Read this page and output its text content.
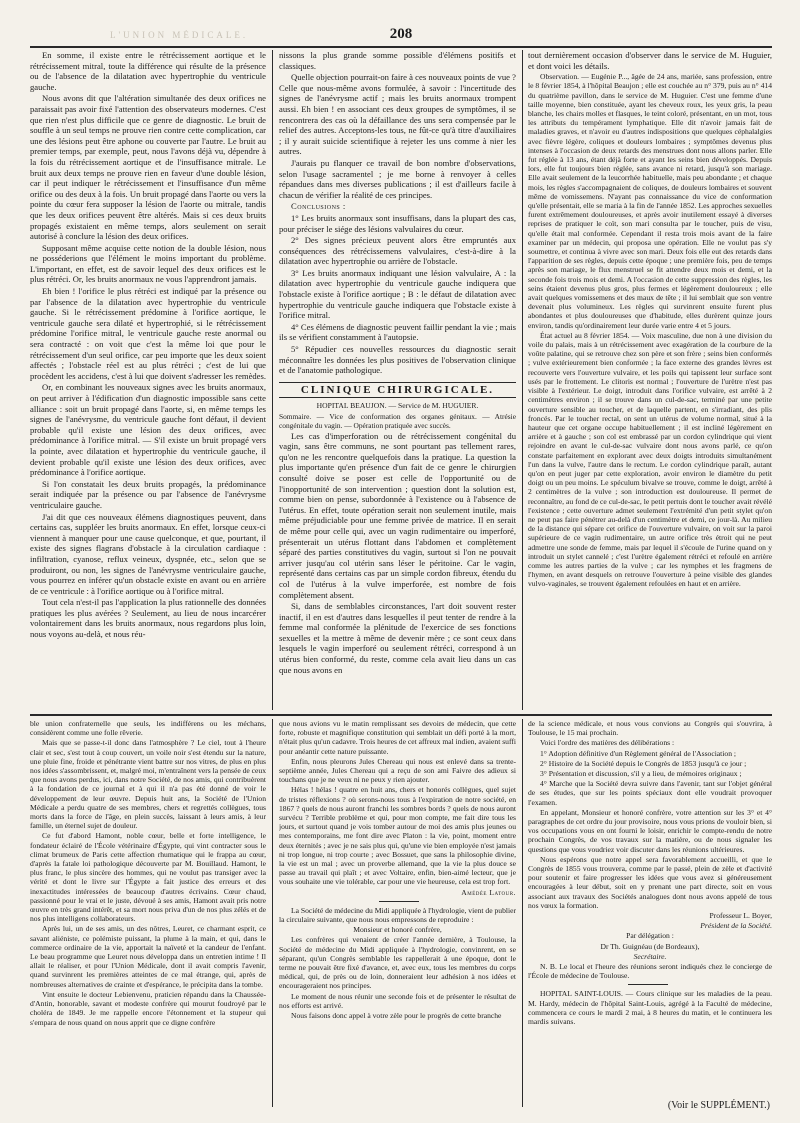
L'UNION MÉDICALE.	208

En somme, il existe entre le rétrécissement aortique et le rétrécissement mitral, toute la différence qui résulte de la présence ou de l'absence de la dilatation avec hypertrophie du ventricule gauche.

Nous avons dit que l'altération simultanée des deux orifices ne paraissait pas avoir fixé l'attention des observateurs modernes. C'est que rien n'est plus difficile que ce genre de diagnostic. Le bruit de souffle à un seul temps ne prouve rien contre cette complication, car une des lésions peut être aphone ou couverte par l'autre. Le bruit au premier temps, par exemple, peut, nous l'avons déjà vu, dépendre à la fois du rétrécissement aortique et de l'insuffisance mitrale. Le bruit aux deux temps ne prouve rien en faveur d'une double lésion, car il peut indiquer le rétrécissement et l'insuffisance d'un même orifice ou des deux à la fois. Un bruit propagé dans l'aorte ou vers la pointe du cœur fera supposer la lésion de l'aorte ou mitrale, tandis que les deux orifices peuvent être altérés. Mais si ces deux bruits propagés existaient en même temps, alors seulement on serait autorisé à conclure la lésion des deux orifices.

Supposant même acquise cette notion de la double lésion, nous ne posséderions que l'élément le moins important du problème. L'important, en effet, est de savoir lequel des deux orifices est le plus rétréci. Or, les bruits anormaux ne vous l'apprendront jamais.

Eh bien ! l'orifice le plus rétréci est indiqué par la présence ou par l'absence de la dilatation avec hypertrophie du ventricule gauche. Si le rétrécissement prédomine à l'orifice aortique, le ventricule gauche sera dilaté et hypertrophié, si le rétrécissement prédomine l'orifice mitral, le ventricule gauche reste anormal ou sera contracté : on voit que c'est la même loi que pour le rétrécissement d'un seul orifice, car peu importe que les deux soient affectés ; l'obstacle réel est au plus rétréci ; c'est de lui que procèdent les accidens, c'est à lui que doivent s'adresser les remèdes.

Or, en combinant les nouveaux signes avec les bruits anormaux, on peut arriver à l'édification d'un diagnostic impossible sans cette alliance : soit un bruit propagé dans l'aorte, si, en même temps les signes de l'anévrysme, du ventricule gauche font défaut, il devient probable qu'il existe une lésion des deux orifices, avec prédominance à l'orifice mitral. — S'il existe un bruit propagé vers la pointe, avec dilatation et hypertrophie du ventricule gauche, il devient probable qu'il existe une lésion des deux orifices, avec prédominance à l'orifice aortique.

Si l'on constatait les deux bruits propagés, la prédominance serait indiquée par la présence ou par l'absence de l'anévrysme ventriculaire gauche.

J'ai dit que ces nouveaux élémens diagnostiques peuvent, dans certains cas, suppléer les bruits anormaux. En effet, lorsque ceux-ci viennent à manquer pour une cause quelconque, et que, pourtant, il existe des signes flagrans d'obstacle à la circulation cardiaque : infiltration, cyanose, reflux veineux, dyspnée, etc., selon que se produiront, ou non, les signes de l'anévrysme ventriculaire gauche, vous pourrez en inférer qu'un obstacle existe en avant ou en arrière de ce ventricule : à l'orifice aortique ou à l'orifice mitral.

Tout cela n'est-il pas l'application la plus rationnelle des données pratiques les plus avérées ? Seulement, au lieu de nous incarcérer volontairement dans les bruits anormaux, nous regardons plus loin, nous voyons au-delà, et nous réu-

nissons la plus grande somme possible d'élémens positifs et classiques.

Quelle objection pourrait-on faire à ces nouveaux points de vue ? Celle que nous-même avons formulée, à savoir : l'incertitude des signes de l'anévrysme actif ; mais les bruits anormaux trompent aussi. Eh bien ! en associant ces deux groupes de symptômes, il se rencontrera des cas où la défaillance des uns sera compensée par le relief des autres. Acceptons-les tous, ne fût-ce qu'à titre d'auxiliaires ; il y aurait suicide scientifique à rejeter les uns comme à nier les autres.

J'aurais pu flanquer ce travail de bon nombre d'observations, selon l'usage sacramentel ; je me borne à renvoyer à celles répandues dans mes diverses publications ; il est d'ailleurs facile à chacun de vérifier la réalité de ces principes.

Conclusions :

1° Les bruits anormaux sont insuffisans, dans la plupart des cas, pour préciser le siége des lésions valvulaires du cœur.

2° Des signes précieux peuvent alors être empruntés aux conséquences des rétrécissemens valvulaires, c'est-à-dire à la dilatation avec hypertrophie ou arrière de l'obstacle.

3° Les bruits anormaux indiquant une lésion valvulaire, A : la dilatation avec hypertrophie du ventricule gauche indiquera que l'obstacle existe à l'orifice aortique ; B : le défaut de dilatation avec hypertrophie du ventricule gauche indiquera que l'obstacle existe à l'orifice mitral.

4° Ces élémens de diagnostic peuvent faillir pendant la vie ; mais ils se vérifient constamment à l'autopsie.

5° Répudier ces nouvelles ressources du diagnostic serait méconnaître les données les plus positives de l'observation clinique et de l'anatomie pathologique.

CLINIQUE CHIRURGICALE.

HOPITAL BEAUJON. — Service de M. HUGUIER.

Sommaire. — Vice de conformation des organes génitaux. — Atrésie congénitale du vagin. — Opération pratiquée avec succès.

Les cas d'imperforation ou de rétrécissement congénital du vagin, sans être communs, ne sont pourtant pas tellement rares, qu'on ne les rencontre quelquefois dans la pratique. La question la plus importante qu'en présence d'un fait de ce genre le chirurgien consulté doive se poser est celle de l'opportunité ou de l'inopportunité de son intervention ; question dont la solution est, comme bien on pense, subordonnée à l'existence ou à l'absence de l'utérus. En effet, toute opération serait non seulement inutile, mais même préjudiciable pour une femme privée de matrice. Il en serait de même pour celle qui, avec un vagin rudimentaire ou imperforé, présenterait un utérus flottant dans l'abdomen et complètement séparé des parties constitutives du vagin, surtout si l'on ne pouvait arriver jusqu'au col utérin sans léser le péritoine. Car le vagin, représenté dans certains cas par un simple cordon fibreux, étendu du col de l'utérus à la vulve imperforée, est nombre de fois complètement absent.

Si, dans de semblables circonstances, l'art doit souvent rester inactif, il en est d'autres dans lesquelles il peut tenter de rendre à la femme mal conformée la plénitude de l'exercice de ses fonctions sexuelles et la mettre à même de devenir mère ; ce sont ceux dans lesquels le vagin imperforé ou seulement rétréci, correspond à un utérus bien conformé, du reste, comme cela avait lieu dans un cas que nous avons en

tout dernièrement occasion d'observer dans le service de M. Huguier, et dont voici les détails.

Observation. — Eugénie P..., âgée de 24 ans, mariée, sans profession, entre le 8 février 1854, à l'hôpital Beaujon ; elle est couchée au n° 379, puis au n° 414 du quatrième pavillon, dans le service de M. Huguier. C'est une femme d'une taille moyenne, bien constituée, ayant les cheveux roux, les yeux gris, la peau blanche, les chairs molles et flasques, le teint coloré, présentant, en un mot, tous les attributs du tempérament lymphatique. Elle dit n'avoir jamais fait de maladies graves, et n'avoir eu d'autres indispositions que quelques céphalalgies avec fièvre légère, coliques et douleurs lombaires ; symptômes devenus plus intenses à l'occasion de deux retards des menstrues dont nous allons parler. Elle fut réglée à 13 ans, étant déjà forte et ayant les seins bien développés. Depuis lors, elle fut toujours bien réglée, sans avance ni retard, jusqu'à son mariage. Elle avait seulement de la leucorrhée habituelle, mais peu abondante ; et chaque mois, les règles s'accompagnaient de coliques, de douleurs lombaires et souvent même de vomissemens. N'ayant pas connaissance du vice de conformation qu'elle présentait, elle se maria à la fin de l'année 1852. Les approches sexuelles furent extrêmement douloureuses, et après avoir inutilement essayé à diverses reprises de pratiquer le coït, son mari consulta par le toucher, puis de visu, qu'elle était mal conformée. Cependant il resta trois mois avant de la faire examiner par un médecin, qui proposa une opération. Elle ne voulut pas s'y soumettre, et continua à vivre avec son mari. Deux fois elle eut des retards dans l'apparition de ses règles, depuis cette époque ; une première fois, peu de temps après son mariage, le flux menstruel se fit attendre deux mois et demi, et la seconde fois trois mois et demi. A l'occasion de cette suppression des règles, les seins étaient devenus plus gros, plus fermes et légèrement douloureux ; elle avait quelques vomissemens et des maux de tête ; il lui semblait que son ventre devenait plus volumineux. Les règles qui survinrent ensuite furent plus abondantes et plus douloureuses que d'habitude, elles durèrent quinze jours environ, tandis qu'ordinairement leur durée varie entre 4 et 5 jours.

État actuel au 8 février 1854. — Voix masculine, due non à une division du voile du palais, mais à un rétrécissement avec exagération de la courbure de la voûte palatine, qui se retrouve chez son père et son frère ; seins bien conformés ; vulve extérieurement bien conformée ; la face externe des grandes lèvres est recouverte vers l'ouverture vulvaire, et les poils qui tapissent leur surface sont usés par le frottement. Le clitoris est normal ; l'ouverture de l'urètre n'est pas visible à l'extérieur. Le doigt, introduit dans l'orifice vulvaire, est arrêté à 2 centimètres environ ; il se trouve dans un cul-de-sac, terminé par une petite ouverture sensible au toucher, et de laquelle partent, en s'irradiant, des plis froncés. Par le toucher rectal, on sent un utérus de volume normal, situé à la hauteur que cet organe occupe habituellement ; il est incliné légèrement en arrière et à gauche ; son col est embrassé par un cordon cylindrique qui vient rejoindre en avant le cul-de-sac vulvaire dont nous avons parlé, ce qu'on constate parfaitement en explorant avec deux doigts introduits simultanément l'un dans la vulve, l'autre dans le rectum. Le cordon cylindrique paraît, autant qu'on en peut juger par cette exploration, avoir environ le diamètre du petit doigt ou un peu moins. Le spéculum bivalve se trouve, comme le doigt, arrêté à 2 centimètres de la vulve ; son introduction est douloureuse. Il permet de reconnaître, au fond de ce cul-de-sac, le petit pertuis dont le toucher avait révélé l'existence ; cette ouverture admet seulement l'extrémité d'un petit stylet qu'on ne peut pas faire pénétrer au-delà d'un centimètre et demi, ce jour-là. Au milieu de la distance qui sépare cet orifice de l'ouverture vulvaire, on voit sur la paroi supérieure de ce vagin rudimentaire, un autre orifice très étroit qui ne peut admettre une sonde de femme, mais par lequel il s'écoule de l'urine quand on y introduit un stylet cannelé ; c'est l'urètre également rétréci et refoulé en arrière comme les autres parties de la vulve ; car les nymphes et les fragmens de l'hymen, en avant desquels on retrouve l'ouverture à peine visible des glandes vulvo-vaginales, se trouvent également refoulées en haut et en arrière.

ble union confraternelle que seuls, les indifférens ou les méchans, considèrent comme une folle rêverie.

Mais que se passe-t-il donc dans l'atmosphère ? Le ciel, tout à l'heure clair et sec, s'est tout à coup couvert, un voile noir s'est étendu sur la nature, une pluie fine, froide et pénétrante vient battre sur nos vitres, de plus en plus nos idées s'assombrissent, et, malgré moi, m'entraînent vers la pensée de ceux que nous avons perdus, ici, dans notre Société, de nos amis, qui contribuèrent à la fondation de ce journal et à qui il n'a pas été donné de voir le développement de leur œuvre. Depuis huit ans, la Société de l'Union Médicale a perdu quatre de ses membres, chers et regrettés collègues, tous morts dans la force de l'âge, en plein succès, laissant à leurs amis, à leur famille, un éternel sujet de douleur.

Ce fut d'abord Hamont, noble cœur, belle et forte intelligence, le fondateur éclairé de l'École vétérinaire d'Égypte, qui vint contracter sous le climat brumeux de Paris cette affection rhumatique qui le frappa au cœur, d'après la fatale loi pathologique découverte par M. Bouillaud. Hamont, le plus franc, le plus sincère des hommes, qui ne voulut pas transiger avec la vérité et dont le livre sur l'Égypte a fait justice des erreurs et des inexactitudes intéressées de beaucoup d'autres écrivains. Cœur chaud, passionné pour le vrai et le juste, dévoué à ses amis, Hamont avait pris notre œuvre en très grand intérêt, et sa mort nous priva d'un de nos plus zélés et de nos plus intelligens collaborateurs.

Après lui, un de ses amis, un des nôtres, Leuret, ce charmant esprit, ce savant aliéniste, ce polémiste puissant, la plume à la main, et qui, dans le commerce ordinaire de la vie, apportait la naïveté et la candeur de l'enfant. Le beau programme que Leuret nous développa dans un entretien intime ! Il allait le réaliser, et pour l'Union Médicale, dont il avait compris l'avenir, quand survinrent les premières atteintes de ce mal étrange, qui, après de nombreuses alternatives de crainte et d'espérance, le précipita dans la tombe.

Vint ensuite le docteur Lebienvenu, praticien répandu dans la Chaussée-d'Antin, honorable, savant et modeste confrère qui mourut foudroyé par le choléra de 1849. Je me rappelle encore l'étonnement et la stupeur qui s'empara de nous quand on nous apprit que ce digne confrère

que nous avions vu le matin remplissant ses devoirs de médecin, que cette forte, robuste et magnifique constitution qui semblait un défi porté à la mort, n'était plus qu'un cadavre. Trois heures de cet affreux mal indien, avaient suffi pour anéantir cette nature puissante.

Enfin, nous pleurons Jules Chereau qui nous est enlevé dans sa trente-septième année, Jules Chereau qui a reçu de son ami Faivre des adieux si touchans que je ne veux ni ne peux y rien ajouter.

Hélas ! hélas ! quatre en huit ans, chers et honorés collègues, quel sujet de tristes réflexions ? où serons-nous tous à l'expiration de notre société, en 1867 ? quels de nous auront franchi les sombres bords ? quels de nous auront survécu ? Terrible problème et qui, pour mon compte, me fait dire tous les jours, et surtout quand je vois tomber autour de moi des amis plus jeunes ou mes contemporains, me font dire avec Platon : la vie, point, moment entre deux éternités ; avec je ne sais plus qui, qu'une vie bien employée n'est jamais ni trop longue, ni trop courte ; avec Bossuet, que sans la philosophie divine, la vie est un mal ; avec un proverbe allemand, que la vie la plus douce se passe au travail qui plaît ; et avec Voltaire, enfin, bien-aimé lecteur, que je vous souhaite une vie tolérable, car pour une vie heureuse, cela est trop fort.

Amédée Latour.

La Société de médecine du Midi appliquée à l'hydrologie, vient de publier la circulaire suivante, que nous nous empressons de reproduire :

Monsieur et honoré confrère,

Les confrères qui venaient de créer l'année dernière, à Toulouse, la Société de médecine du Midi appliquée à l'hydrologie, convinrent, en se séparant, qu'un Congrès semblable les rappellerait à une époque, dont le terme ne pouvait être fixé d'avance, et, avec eux, tous les membres du corps médical, qui, de près ou de loin, donneraient leur adhésion à nos idées et encourageraient nos principes.

Le moment de nous réunir une seconde fois et de présenter le résultat de nos efforts est arrivé.

Nous faisons donc appel à votre zèle pour le progrès de cette branche

de la science médicale, et nous vous convions au Congrès qui s'ouvrira, à Toulouse, le 15 mai prochain.

Voici l'ordre des matières des délibérations :

1° Adoption définitive d'un Règlement général de l'Association ;

2° Histoire de la Société depuis le Congrès de 1853 jusqu'à ce jour ;

3° Présentation et discussion, s'il y a lieu, de mémoires originaux ;

4° Marche que la Société devra suivre dans l'avenir, tant sur l'objet général de ses études, que sur les points spéciaux dont elle voudrait provoquer l'examen.

En appelant, Monsieur et honoré confrère, votre attention sur les 3° et 4° paragraphes de cet ordre du jour provisoire, nous vous prions de vouloir bien, si vos occupations vous en ont fourni le loisir, enrichir le compte-rendu de notre prochain Congrès, de vos travaux sur la matière, ou de nous signaler les questions que vous voudriez voir discuter dans les réunions ultérieures.

Nous espérons que notre appel sera favorablement accueilli, et que le Congrès de 1855 vous trouvera, comme par le passé, plein de zèle et d'activité pour soutenir et faire progresser les idées que vous avez si généreusement encouragées à leur début, soit en y prenant une part directe, soit en vous associant aux travaux des Sociétés analogues dont nous avons appelé de tous nos vœux la formation.

Professeur L. Boyer,

Président de la Société.

Par délégation :

Dr Th. Guignéau (de Bordeaux),

Secrétaire.

N. B. Le local et l'heure des réunions seront indiqués chez le concierge de l'École de médecine de Toulouse.

HOPITAL SAINT-LOUIS. — Cours clinique sur les maladies de la peau. M. Hardy, médecin de l'hôpital Saint-Louis, agrégé à la Faculté de médecine, commencera ce cours le mardi 2 mai, à 8 heures du matin, et le continuera les mardis suivans.

(Voir le SUPPLÉMENT.)
